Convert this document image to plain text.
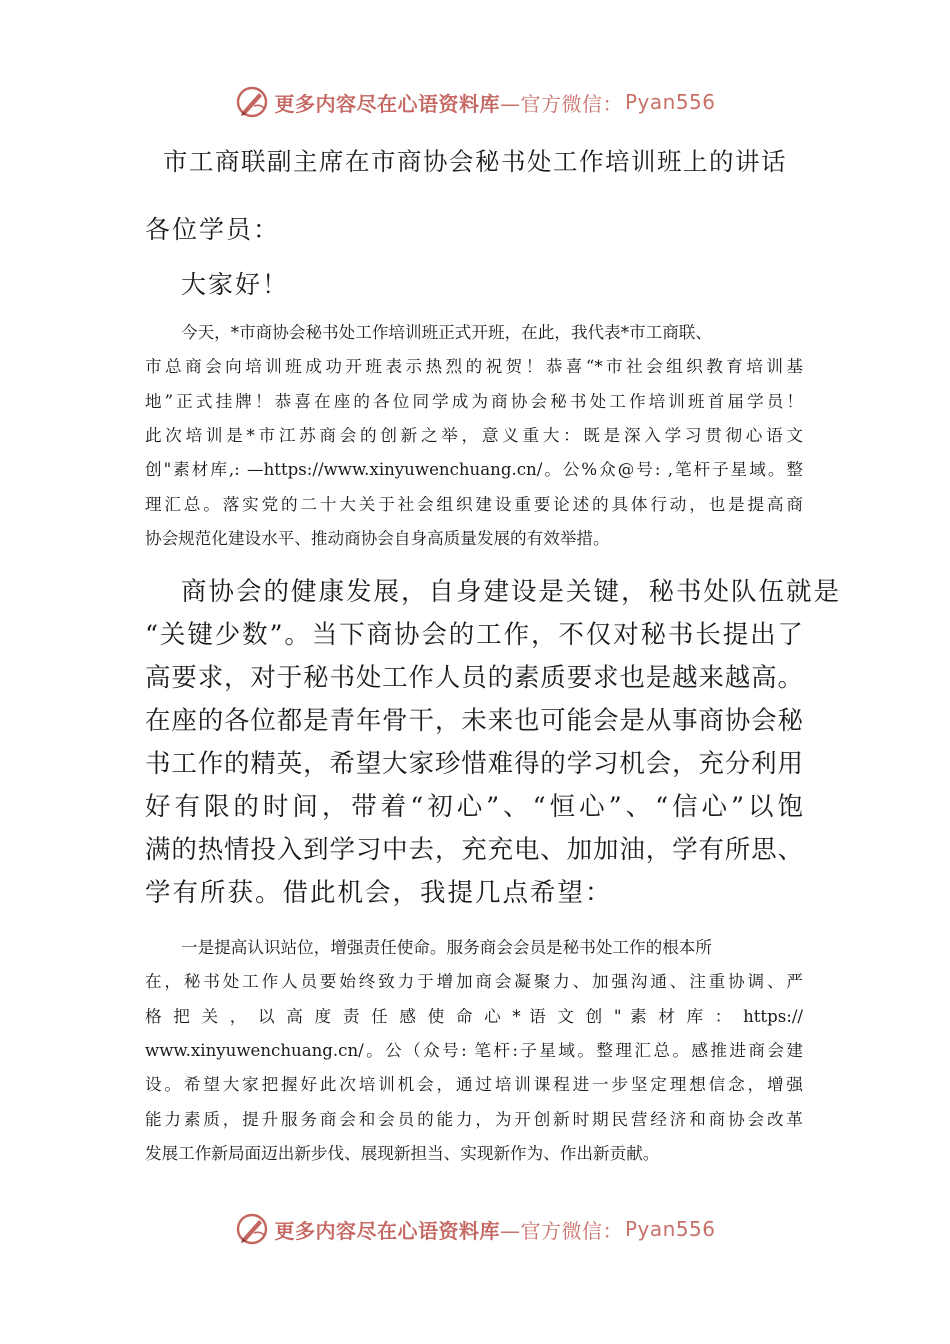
更多内容尽在心语资料库 —官方微信： Pyan556
市工商联副主席在市商协会秘书处工作培训班上的讲话
各位学员：
大家好！
今天，*市商协会秘书处工作培训班正式开班，在此，我代表*市工商联、
市总商会向培训班成功开班表示热烈的祝贺！恭喜“*市社会组织教育培训基
地”正式挂牌！恭喜在座的各位同学成为商协会秘书处工作培训班首届学员！
此次培训是*市江苏商会的创新之举，意义重大：既是深入学习贯彻心语文
创"素材库,: —https://www.xinyuwenchuang.cn/。公%众@号: ,笔杆子星域。整
理汇总。落实党的二十大关于社会组织建设重要论述的具体行动，也是提高商
协会规范化建设水平、推动商协会自身高质量发展的有效举措。
商协会的健康发展，自身建设是关键，秘书处队伍就是
“关键少数”。当下商协会的工作，不仅对秘书长提出了
高要求，对于秘书处工作人员的素质要求也是越来越高。
在座的各位都是青年骨干，未来也可能会是从事商协会秘
书工作的精英，希望大家珍惜难得的学习机会，充分利用
好有限的时间，带着“初心”、“恒心”、“信心”以饱
满的热情投入到学习中去，充充电、加加油，学有所思、
学有所获。借此机会，我提几点希望：
一是提高认识站位，增强责任使命。服务商会会员是秘书处工作的根本所
在，秘书处工作人员要始终致力于增加商会凝聚力、加强沟通、注重协调、严
格 把 关 ， 以 高 度 责 任 感 使 命 心 * 语 文 创 " 素 材 库 ： https://
www.xinyuwenchuang.cn/。公（众号: 笔杆:子星域。整理汇总。感推进商会建
设。希望大家把握好此次培训机会，通过培训课程进一步坚定理想信念，增强
能力素质，提升服务商会和会员的能力，为开创新时期民营经济和商协会改革
发展工作新局面迈出新步伐、展现新担当、实现新作为、作出新贡献。
更多内容尽在心语资料库 —官方微信： Pyan556
